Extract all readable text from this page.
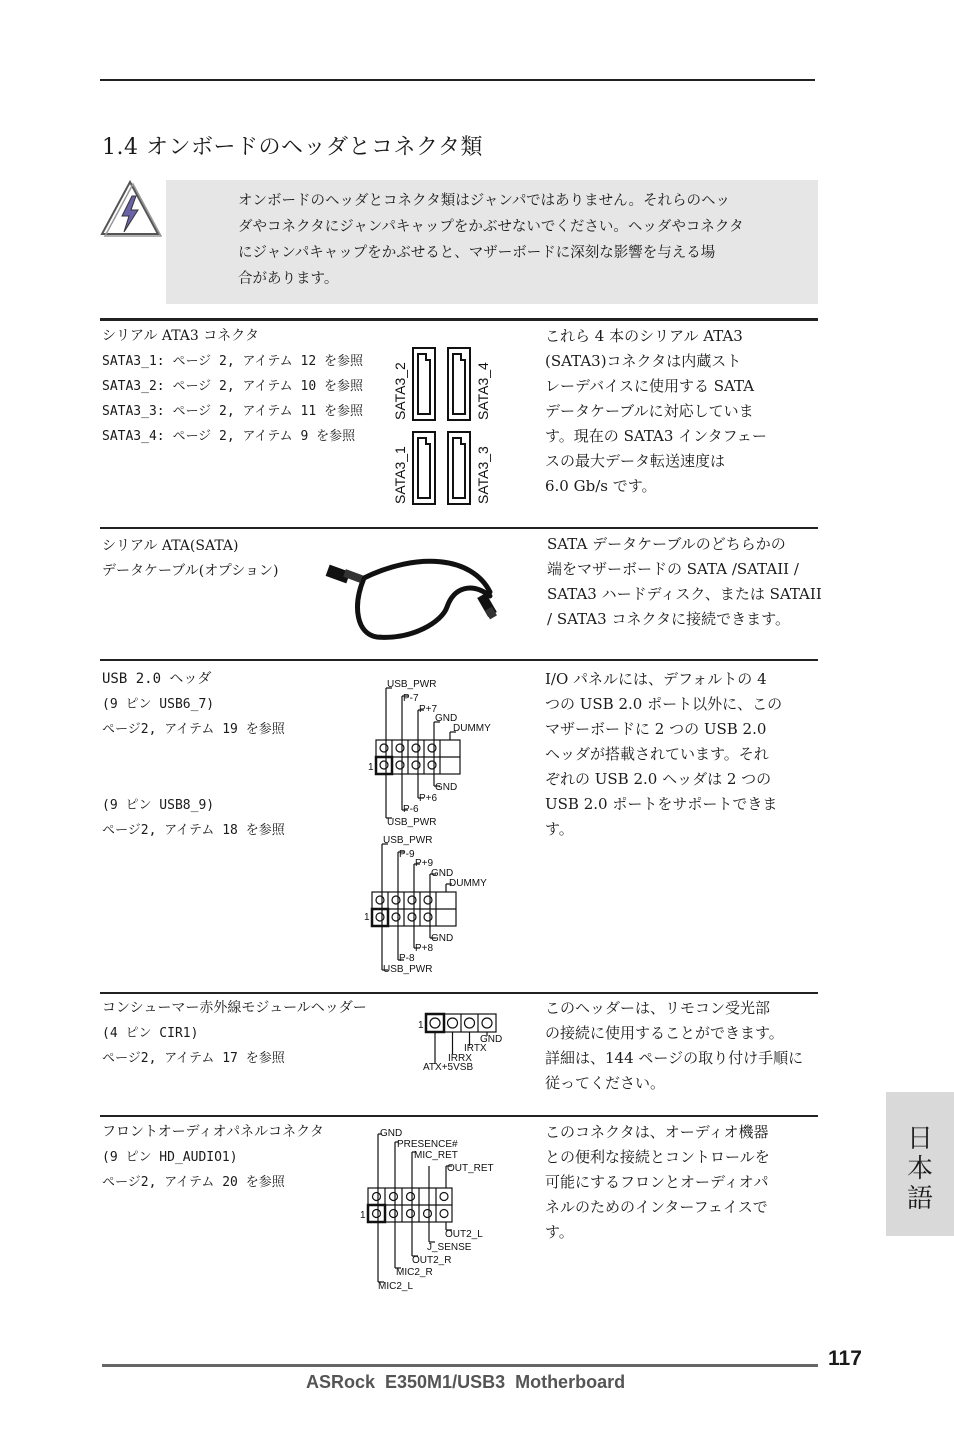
1.4 オンボードのヘッダとコネクタ類
オンボードのヘッダとコネクタ類はジャンパではありません。それらのヘッ
ダやコネクタにジャンパキャップをかぶせないでください。ヘッダやコネクタ
にジャンパキャップをかぶせると、マザーボードに深刻な影響を与える場
合があります。
シリアル ATA3 コネクタ
SATA3_1: ページ 2, アイテム 12 を参照
SATA3_2: ページ 2, アイテム 10 を参照
SATA3_3: ページ 2, アイテム 11 を参照
SATA3_4: ページ 2, アイテム 9 を参照
SATA3_2	SATA3_4
SATA3_1	SATA3_3
これら 4 本のシリアル ATA3
(SATA3)コネクタは内蔵スト
レーデバイスに使用する SATA
データケーブルに対応していま
す。現在の SATA3 インタフェー
スの最大データ転送速度は
6.0 Gb/s です。
シリアル ATA(SATA)
データケーブル(オプション)
SATA データケーブルのどちらかの
端をマザーボードの SATA /SATAII /
SATA3 ハードディスク、または SATAII
/ SATA3 コネクタに接続できます。
USB 2.0 ヘッダ
(9 ピン USB6_7)
ページ2, アイテム 19 を参照
(9 ピン USB8_9)
ページ2, アイテム 18 を参照
USB_PWR
P-7
P+7
GND
DUMMY
GND
P+6
P-6
USB_PWR
1
USB_PWR
P-9
P+9
GND
DUMMY
GND
P+8
P-8
USB_PWR
1
I/O パネルには、デフォルトの 4
つの USB 2.0 ポート以外に、この
マザーボードに 2 つの USB 2.0
ヘッダが搭載されています。それ
ぞれの USB 2.0 ヘッダは 2 つの
USB 2.0 ポートをサポートできま
す。
コンシューマー赤外線モジュールヘッダー
(4 ピン CIR1)
ページ2, アイテム 17 を参照
GND
IRTX
IRRX
ATX+5VSB
1
このヘッダーは、リモコン受光部
の接続に使用することができます。
詳細は、144 ページの取り付け手順に
従ってください。
フロントオーディオパネルコネクタ
(9 ピン HD_AUDIO1)
ページ2, アイテム 20 を参照
GND
PRESENCE#
MIC_RET
OUT_RET
OUT2_L
J_SENSE
OUT2_R
MIC2_R
MIC2_L
1
このコネクタは、オーディオ機器
との便利な接続とコントロールを
可能にするフロンとオーディオパ
ネルのためのインターフェイスで
す。
日
本
語
117
ASRock  E350M1/USB3  Motherboard
